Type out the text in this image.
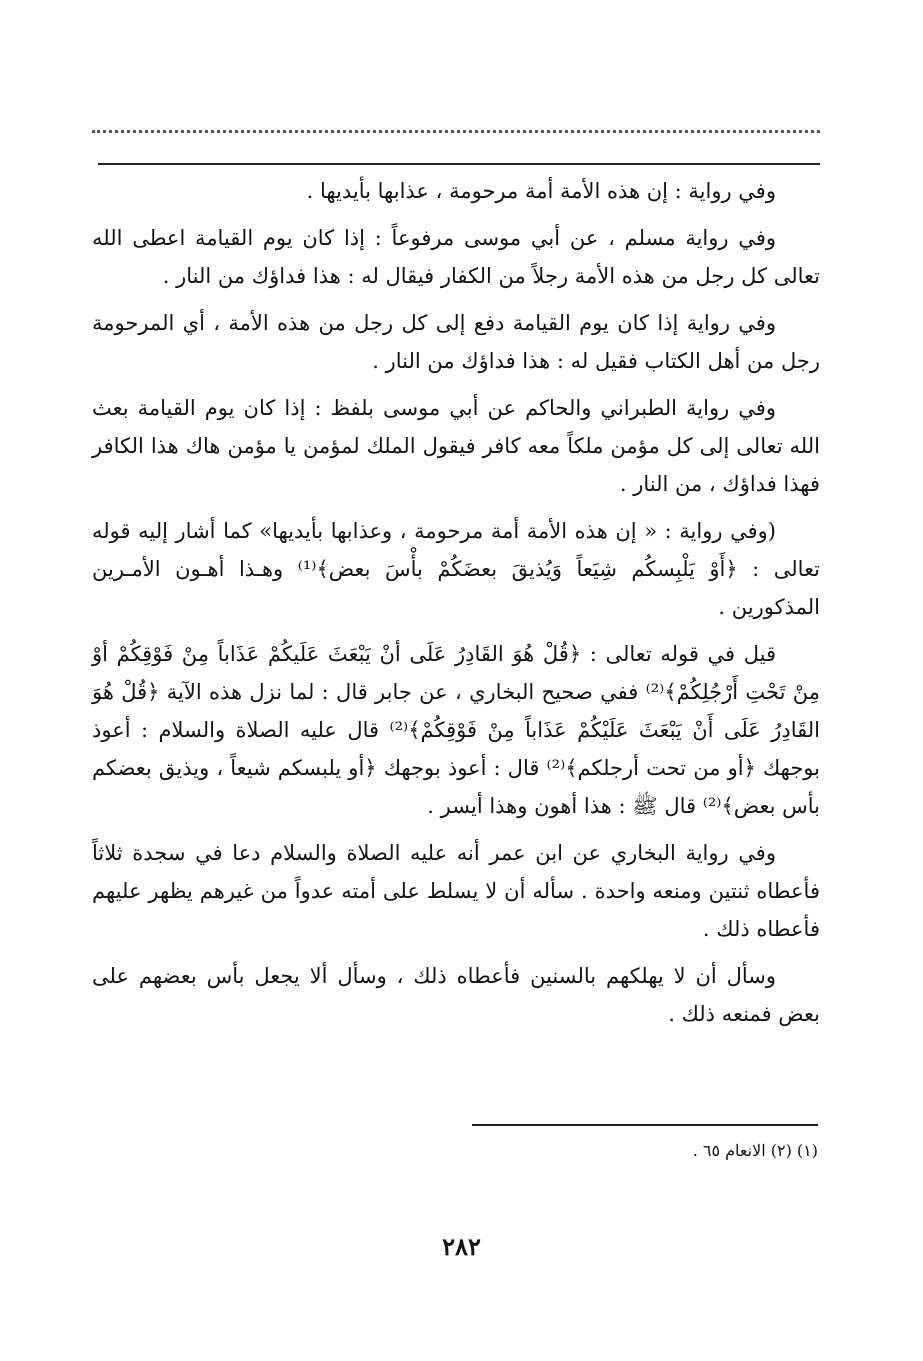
وفي رواية : إن هذه الأمة أمة مرحومة ، عذابها بأيديها .

وفي رواية مسلم ، عن أبي موسى مرفوعاً : إذا كان يوم القيامة اعطى الله تعالى كل رجل من هذه الأمة رجلاً من الكفار فيقال له : هذا فداؤك من النار .

وفي رواية إذا كان يوم القيامة دفع إلى كل رجل من هذه الأمة ، أي المرحومة رجل من أهل الكتاب فقيل له : هذا فداؤك من النار .

وفي رواية الطبراني والحاكم عن أبي موسى بلفظ : إذا كان يوم القيامة بعث الله تعالى إلى كل مؤمن ملكاً معه كافر فيقول الملك لمؤمن يا مؤمن هاك هذا الكافر فهذا فداؤك ، من النار .

(وفي رواية : « إن هذه الأمة أمة مرحومة ، وعذابها بأيديها» كما أشار إليه قوله تعالى : ﴿أَوْ يَلْبِسكُم شِيَعاً وَيُذيقَ بعضَكُمْ بأْسَ بعض﴾⁽¹⁾ وهـذا أهـون الأمـرين المذكورين .

قيل في قوله تعالى : ﴿قُلْ هُوَ القَادِرُ عَلَى أنْ يَبْعَثَ عَلَيكُمْ عَذَاباً مِنْ فَوْقِكُمْ أوْ مِنْ تَحْتِ أَرْجُلِكُمْ﴾⁽²⁾ ففي صحيح البخاري ، عن جابر قال : لما نزل هذه الآية ﴿قُلْ هُوَ القَادِرُ عَلَى أَنْ يَبْعَثَ عَلَيْكُمْ عَذَاباً مِنْ فَوْقِكُمْ﴾⁽²⁾ قال عليه الصلاة والسلام : أعوذ بوجهك ﴿أو من تحت أرجلكم﴾⁽²⁾ قال : أعوذ بوجهك ﴿أو يلبسكم شيعاً ، ويذيق بعضكم بأس بعض﴾⁽²⁾ قال ﷺ : هذا أهون وهذا أيسر .

وفي رواية البخاري عن ابن عمر أنه عليه الصلاة والسلام دعا في سجدة ثلاثاً فأعطاه ثنتين ومنعه واحدة . سأله أن لا يسلط على أمته عدواً من غيرهم يظهر عليهم فأعطاه ذلك .

وسأل أن لا يهلكهم بالسنين فأعطاه ذلك ، وسأل ألا يجعل بأس بعضهم على بعض فمنعه ذلك .

(١) (٢) الانعام ٦٥ .
٢٨٢
